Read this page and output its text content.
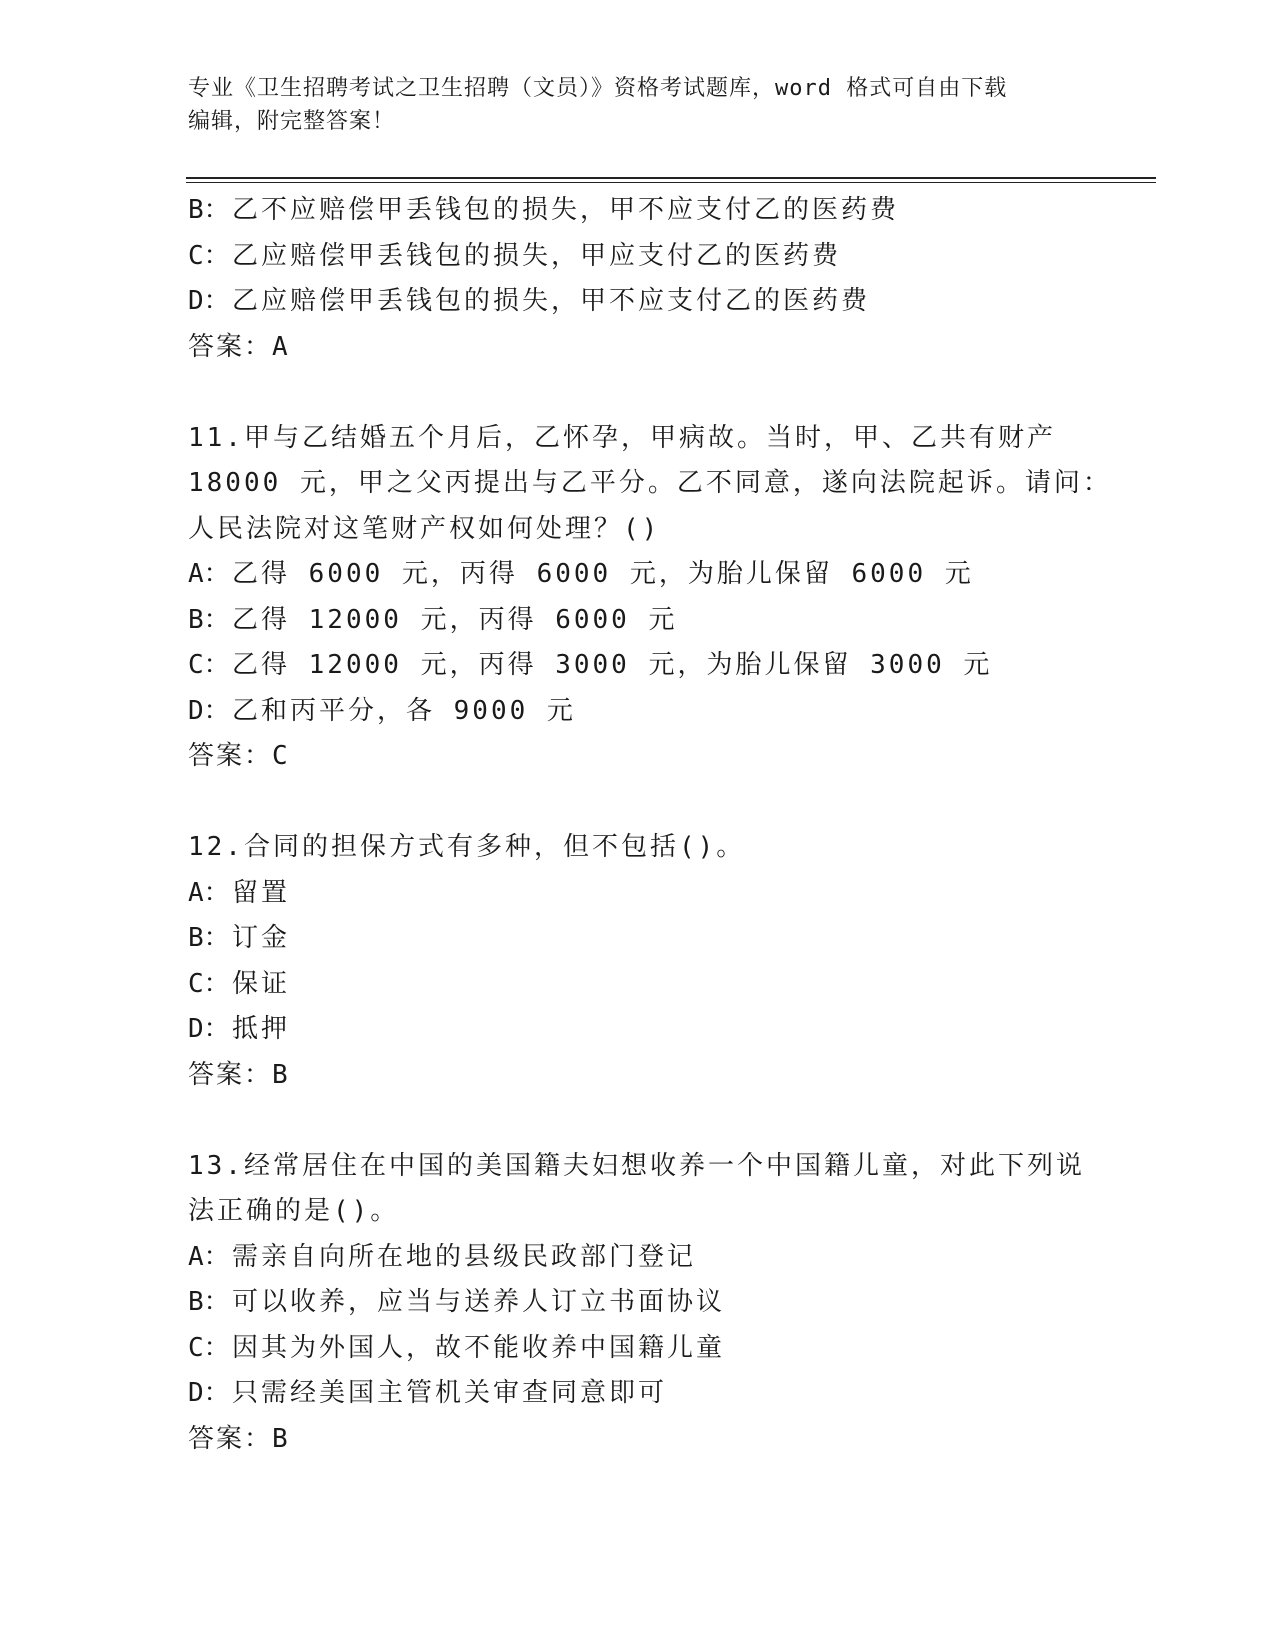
专业《卫生招聘考试之卫生招聘（文员）》资格考试题库，word 格式可自由下载
编辑，附完整答案！
B：乙不应赔偿甲丢钱包的损失，甲不应支付乙的医药费
C：乙应赔偿甲丢钱包的损失，甲应支付乙的医药费
D：乙应赔偿甲丢钱包的损失，甲不应支付乙的医药费
答案：A
11.甲与乙结婚五个月后，乙怀孕，甲病故。当时，甲、乙共有财产
18000 元，甲之父丙提出与乙平分。乙不同意，遂向法院起诉。请问：
人民法院对这笔财产权如何处理？()
A：乙得 6000 元，丙得 6000 元，为胎儿保留 6000 元
B：乙得 12000 元，丙得 6000 元
C：乙得 12000 元，丙得 3000 元，为胎儿保留 3000 元
D：乙和丙平分，各 9000 元
答案：C
12.合同的担保方式有多种，但不包括()。
A：留置
B：订金
C：保证
D：抵押
答案：B
13.经常居住在中国的美国籍夫妇想收养一个中国籍儿童，对此下列说
法正确的是()。
A：需亲自向所在地的县级民政部门登记
B：可以收养，应当与送养人订立书面协议
C：因其为外国人，故不能收养中国籍儿童
D：只需经美国主管机关审查同意即可
答案：B
